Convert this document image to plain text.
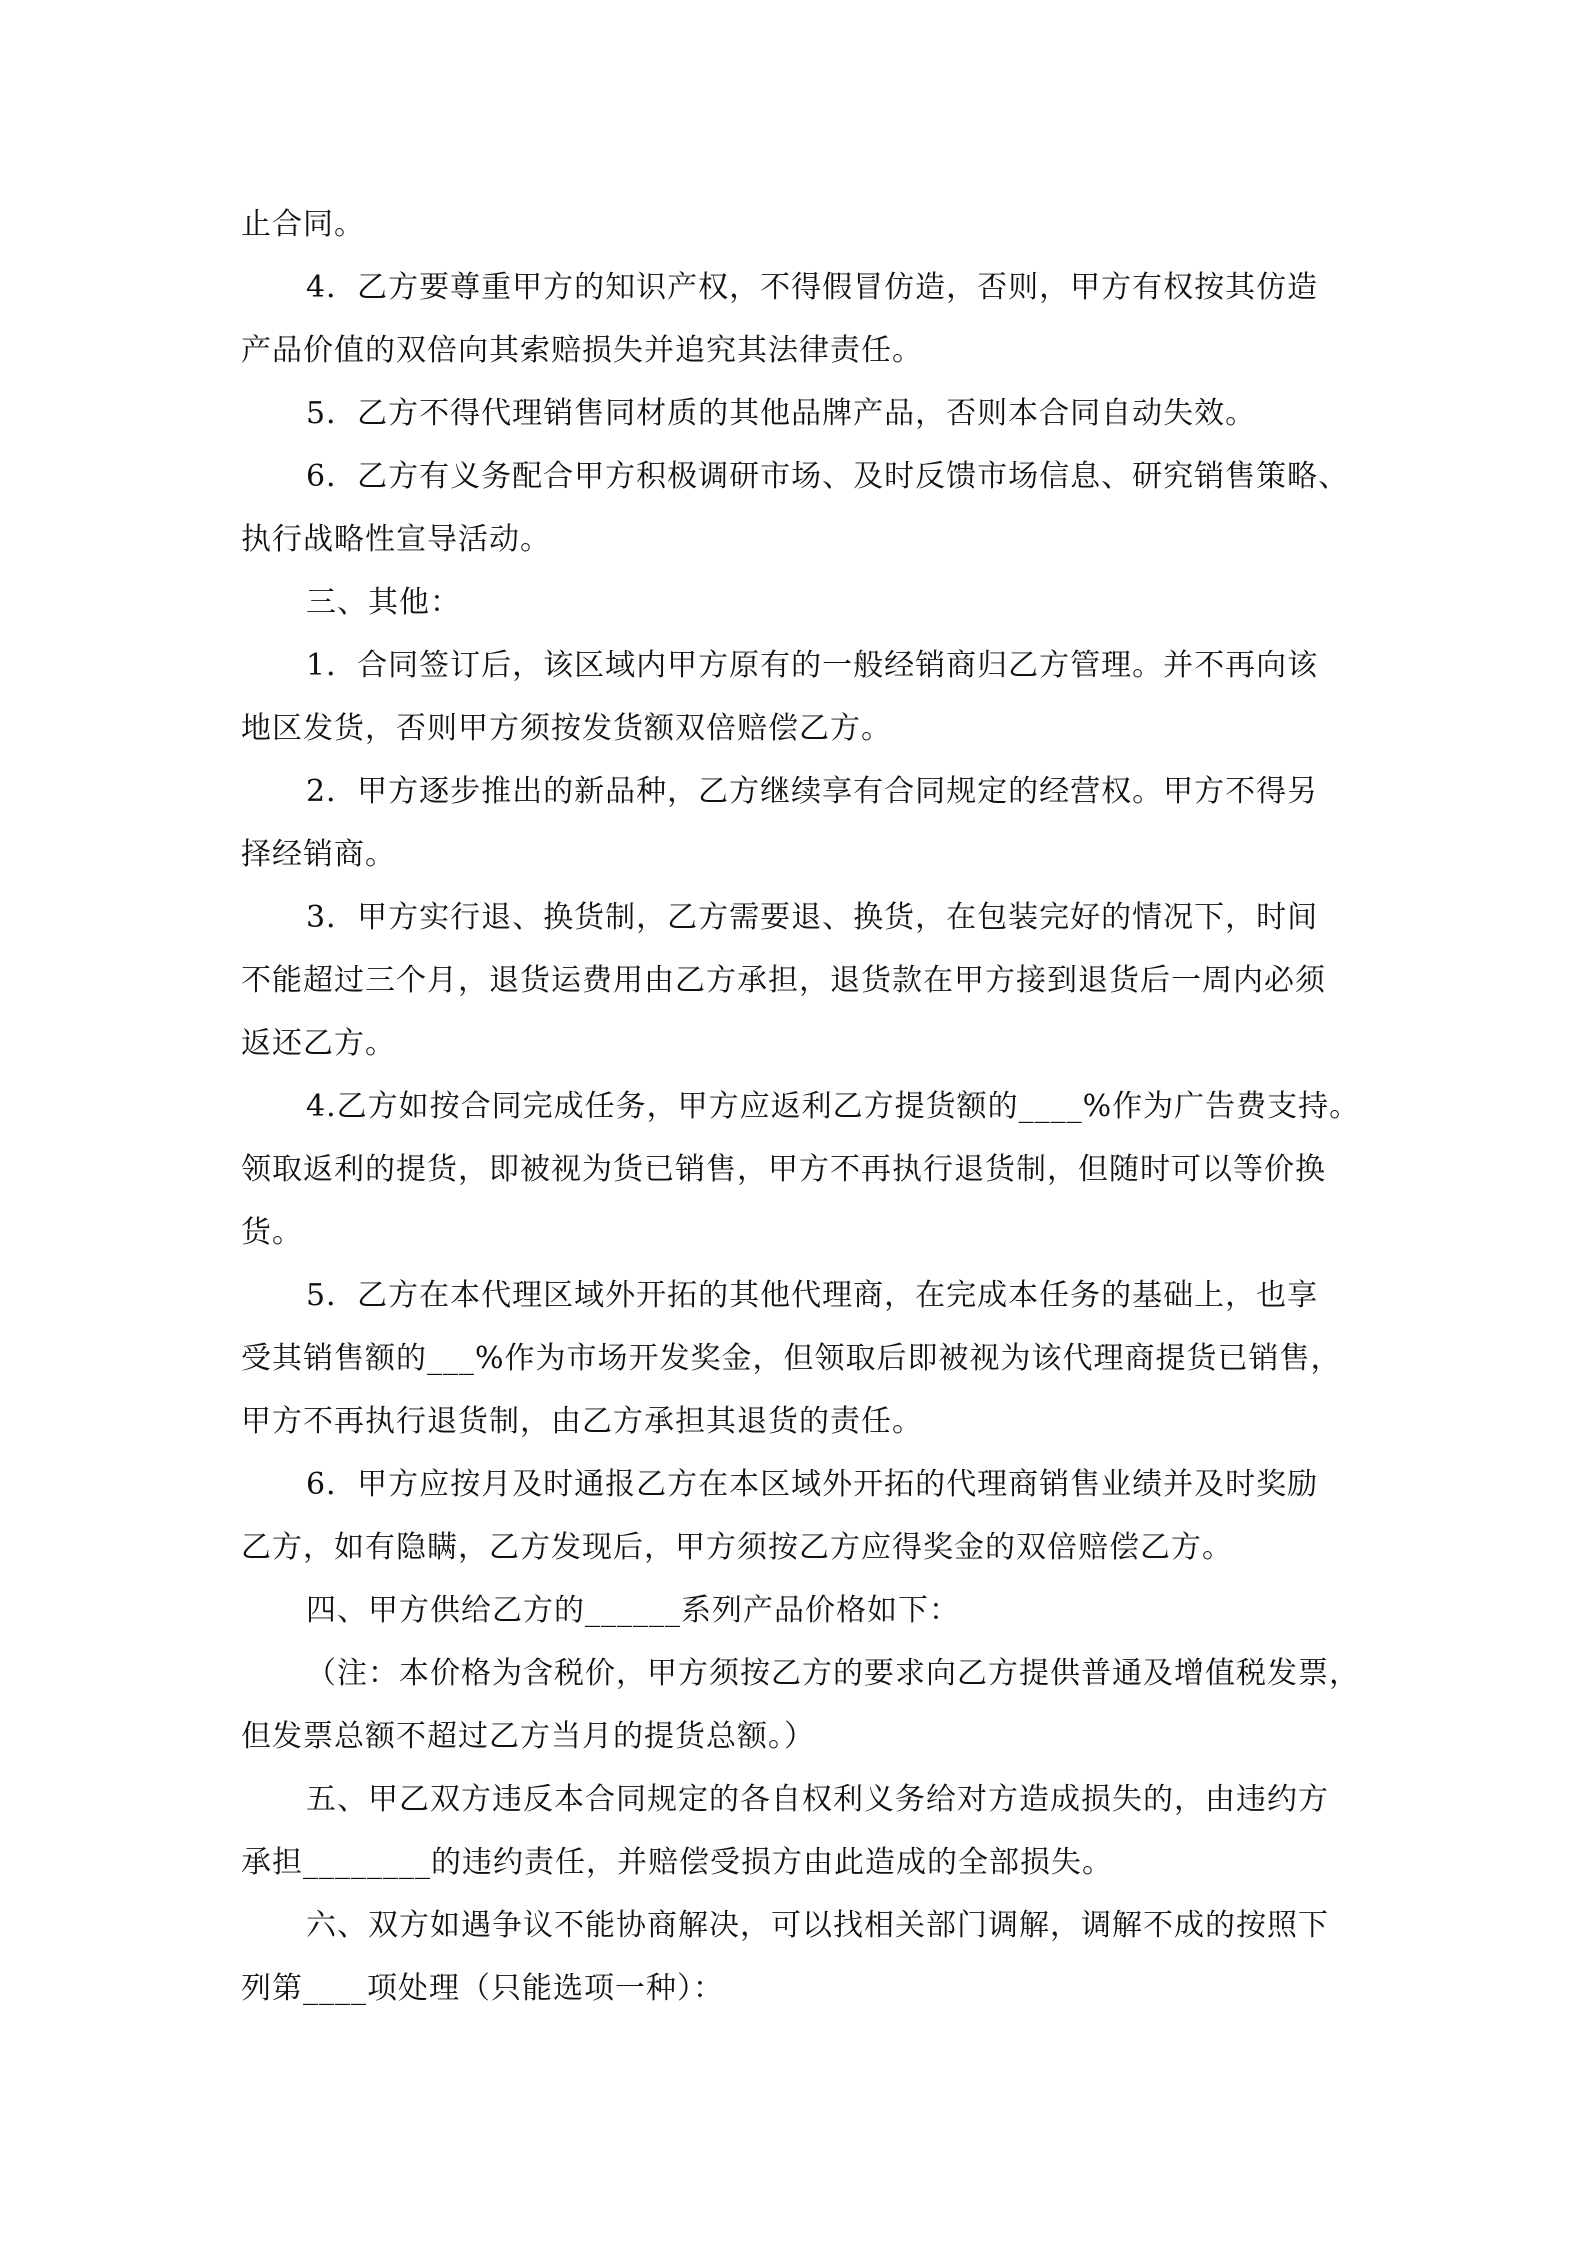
止合同。
4．乙方要尊重甲方的知识产权，不得假冒仿造，否则，甲方有权按其仿造
产品价值的双倍向其索赔损失并追究其法律责任。
5．乙方不得代理销售同材质的其他品牌产品，否则本合同自动失效。
6．乙方有义务配合甲方积极调研市场、及时反馈市场信息、研究销售策略、
执行战略性宣导活动。
三、其他：
1．合同签订后，该区域内甲方原有的一般经销商归乙方管理。并不再向该
地区发货，否则甲方须按发货额双倍赔偿乙方。
2．甲方逐步推出的新品种，乙方继续享有合同规定的经营权。甲方不得另
择经销商。
3．甲方实行退、换货制，乙方需要退、换货，在包装完好的情况下，时间
不能超过三个月，退货运费用由乙方承担，退货款在甲方接到退货后一周内必须
返还乙方。
4.乙方如按合同完成任务，甲方应返利乙方提货额的____%作为广告费支持。
领取返利的提货，即被视为货已销售，甲方不再执行退货制，但随时可以等价换
货。
5．乙方在本代理区域外开拓的其他代理商，在完成本任务的基础上，也享
受其销售额的___%作为市场开发奖金，但领取后即被视为该代理商提货已销售，
甲方不再执行退货制，由乙方承担其退货的责任。
6．甲方应按月及时通报乙方在本区域外开拓的代理商销售业绩并及时奖励
乙方，如有隐瞒，乙方发现后，甲方须按乙方应得奖金的双倍赔偿乙方。
四、甲方供给乙方的______系列产品价格如下：
（注：本价格为含税价，甲方须按乙方的要求向乙方提供普通及增值税发票，
但发票总额不超过乙方当月的提货总额。）
五、甲乙双方违反本合同规定的各自权利义务给对方造成损失的，由违约方
承担________的违约责任，并赔偿受损方由此造成的全部损失。
六、双方如遇争议不能协商解决，可以找相关部门调解，调解不成的按照下
列第____项处理（只能选项一种）：
